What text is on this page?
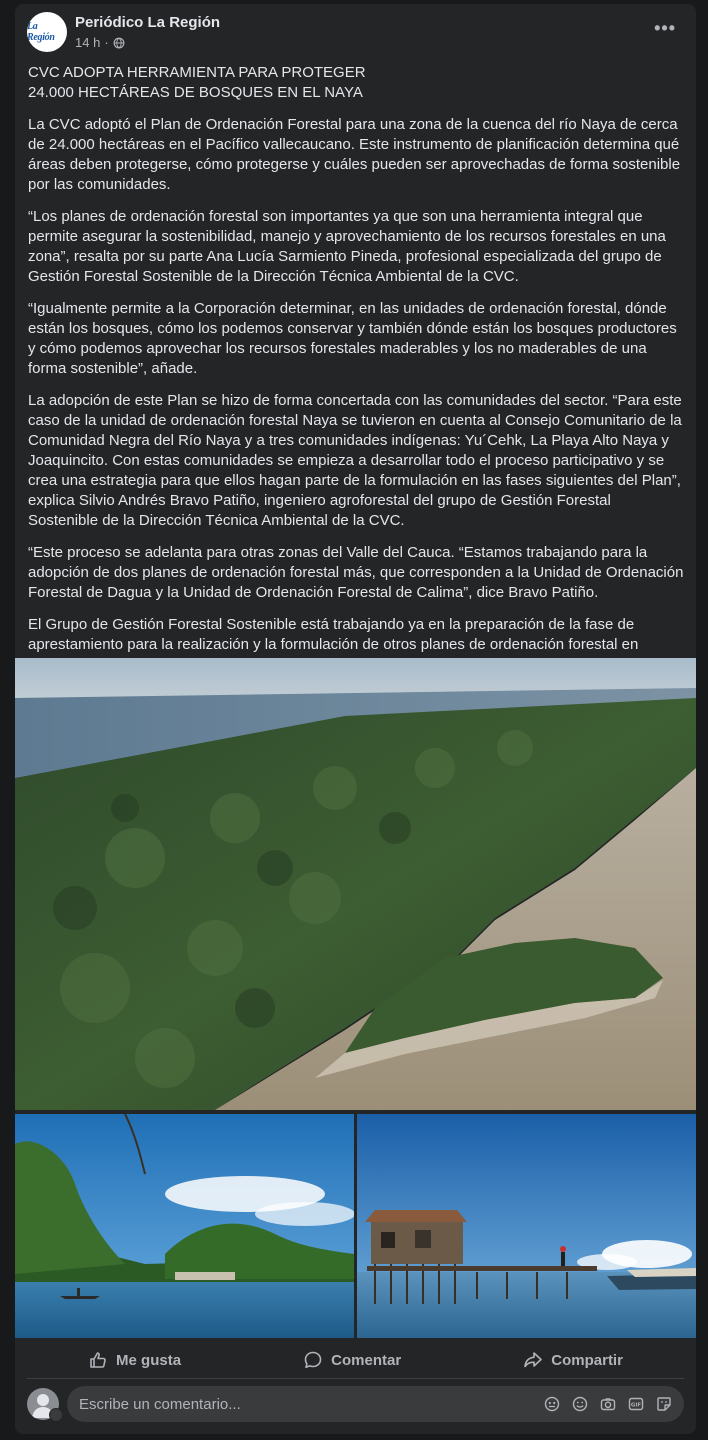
La Región
Periódico La Región
14 h ·
•••

CVC ADOPTA HERRAMIENTA PARA PROTEGER
24.000 HECTÁREAS DE BOSQUES EN EL NAYA

La CVC adoptó el Plan de Ordenación Forestal para una zona de la cuenca del río Naya de cerca de 24.000 hectáreas en el Pacífico vallecaucano. Este instrumento de planificación determina qué áreas deben protegerse, cómo protegerse y cuáles pueden ser aprovechadas de forma sostenible por las comunidades.

“Los planes de ordenación forestal son importantes ya que son una herramienta integral que permite asegurar la sostenibilidad, manejo y aprovechamiento de los recursos forestales en una zona”, resalta por su parte Ana Lucía Sarmiento Pineda, profesional especializada del grupo de Gestión Forestal Sostenible de la Dirección Técnica Ambiental de la CVC.

“Igualmente permite a la Corporación determinar, en las unidades de ordenación forestal, dónde están los bosques, cómo los podemos conservar y también dónde están los bosques productores y cómo podemos aprovechar los recursos forestales maderables y los no maderables de una forma sostenible”, añade.

La adopción de este Plan se hizo de forma concertada con las comunidades del sector. “Para este caso de la unidad de ordenación forestal Naya se tuvieron en cuenta al Consejo Comunitario de la Comunidad Negra del Río Naya y a tres comunidades indígenas: Yu´Cehk, La Playa Alto Naya y Joaquincito. Con estas comunidades se empieza a desarrollar todo el proceso participativo y se crea una estrategia para que ellos hagan parte de la formulación en las fases siguientes del Plan”, explica Silvio Andrés Bravo Patiño, ingeniero agroforestal del grupo de Gestión Forestal Sostenible de la Dirección Técnica Ambiental de la CVC.

“Este proceso se adelanta para otras zonas del Valle del Cauca. “Estamos trabajando para la adopción de dos planes de ordenación forestal más, que corresponden a la Unidad de Ordenación Forestal de Dagua y la Unidad de Ordenación Forestal de Calima”, dice Bravo Patiño.

El Grupo de Gestión Forestal Sostenible está trabajando ya en la preparación de la fase de aprestamiento para la realización y la formulación de otros planes de ordenación forestal en

Me gusta	Comentar	Compartir
Escribe un comentario...	GIF
